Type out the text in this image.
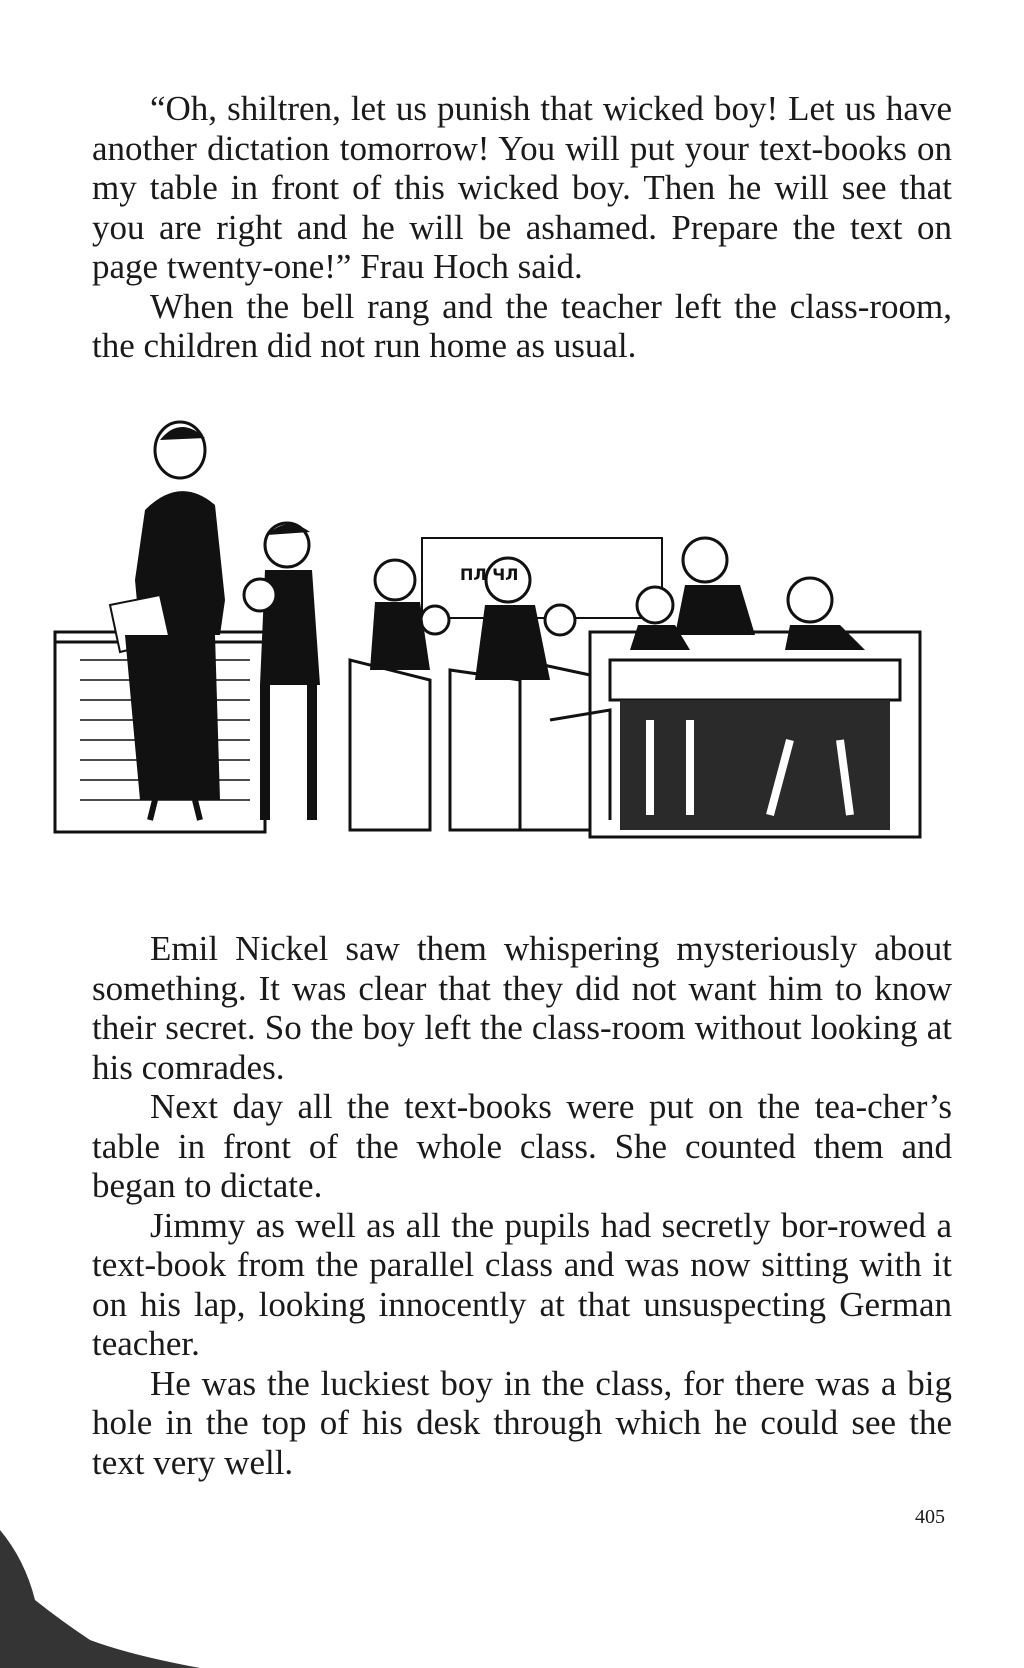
“Oh, shiltren, let us punish that wicked boy! Let us have another dictation tomorrow! You will put your text-books on my table in front of this wicked boy. Then he will see that you are right and he will be ashamed. Prepare the text on page twenty-one!” Frau Hoch said.

When the bell rang and the teacher left the class-room, the children did not run home as usual.

ПЛ ЧЛ

Emil Nickel saw them whispering mysteriously about something. It was clear that they did not want him to know their secret. So the boy left the class-room without looking at his comrades.

Next day all the text-books were put on the tea-cher’s table in front of the whole class. She counted them and began to dictate.

Jimmy as well as all the pupils had secretly bor-rowed a text-book from the parallel class and was now sitting with it on his lap, looking innocently at that unsuspecting German teacher.

He was the luckiest boy in the class, for there was a big hole in the top of his desk through which he could see the text very well.

405
